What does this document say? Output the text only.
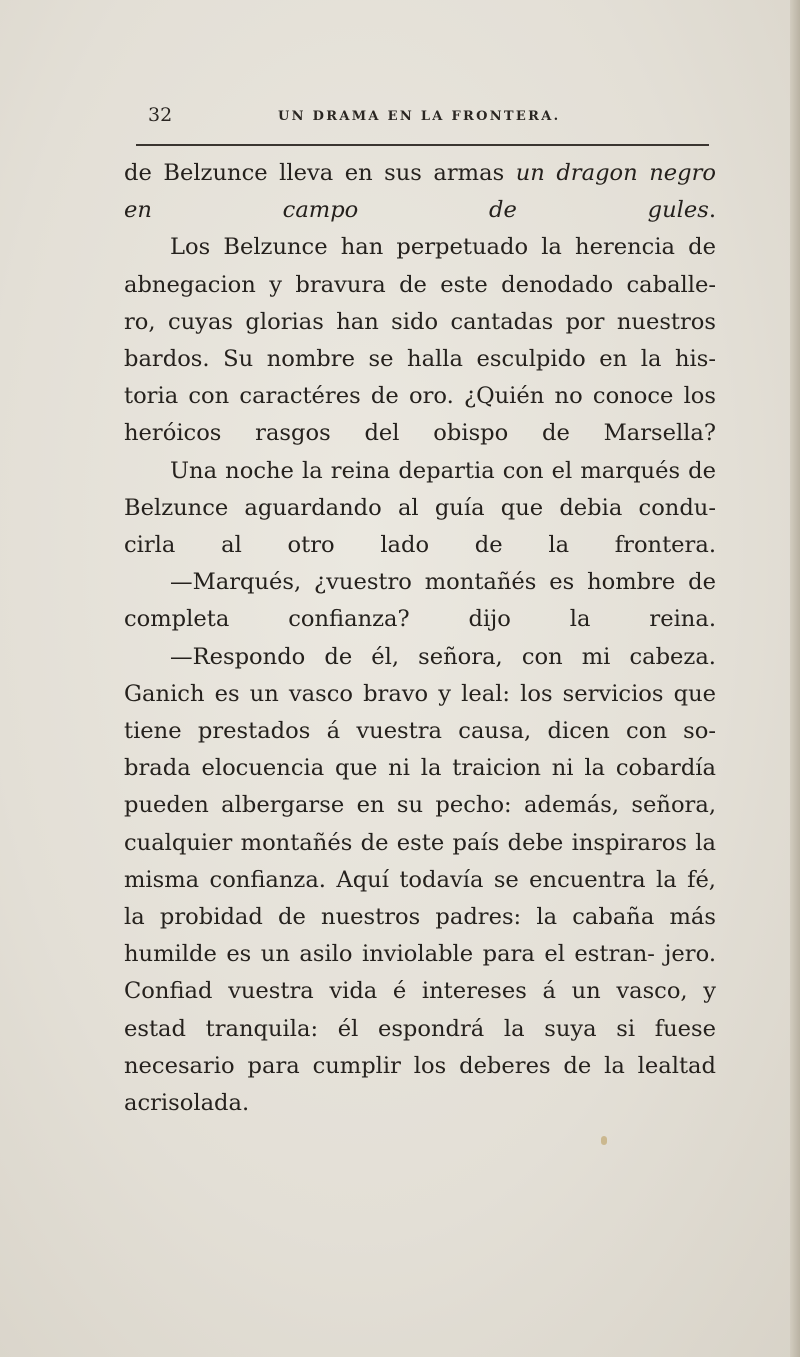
32	UN DRAMA EN LA FRONTERA.

de Belzunce lleva en sus armas un dragon negro en campo de gules.

Los Belzunce han perpetuado la herencia de abnegacion y bravura de este denodado caballe- ro, cuyas glorias han sido cantadas por nuestros bardos. Su nombre se halla esculpido en la his- toria con caractéres de oro. ¿Quién no conoce los heróicos rasgos del obispo de Marsella?

Una noche la reina departia con el marqués de Belzunce aguardando al guía que debia condu- cirla al otro lado de la frontera.

—Marqués, ¿vuestro montañés es hombre de completa confianza? dijo la reina.

—Respondo de él, señora, con mi cabeza. Ganich es un vasco bravo y leal: los servicios que tiene prestados á vuestra causa, dicen con so- brada elocuencia que ni la traicion ni la cobardía pueden albergarse en su pecho: además, señora, cualquier montañés de este país debe inspiraros la misma confianza. Aquí todavía se encuentra la fé, la probidad de nuestros padres: la cabaña más humilde es un asilo inviolable para el estran- jero. Confiad vuestra vida é intereses á un vasco, y estad tranquila: él espondrá la suya si fuese necesario para cumplir los deberes de la lealtad acrisolada.
